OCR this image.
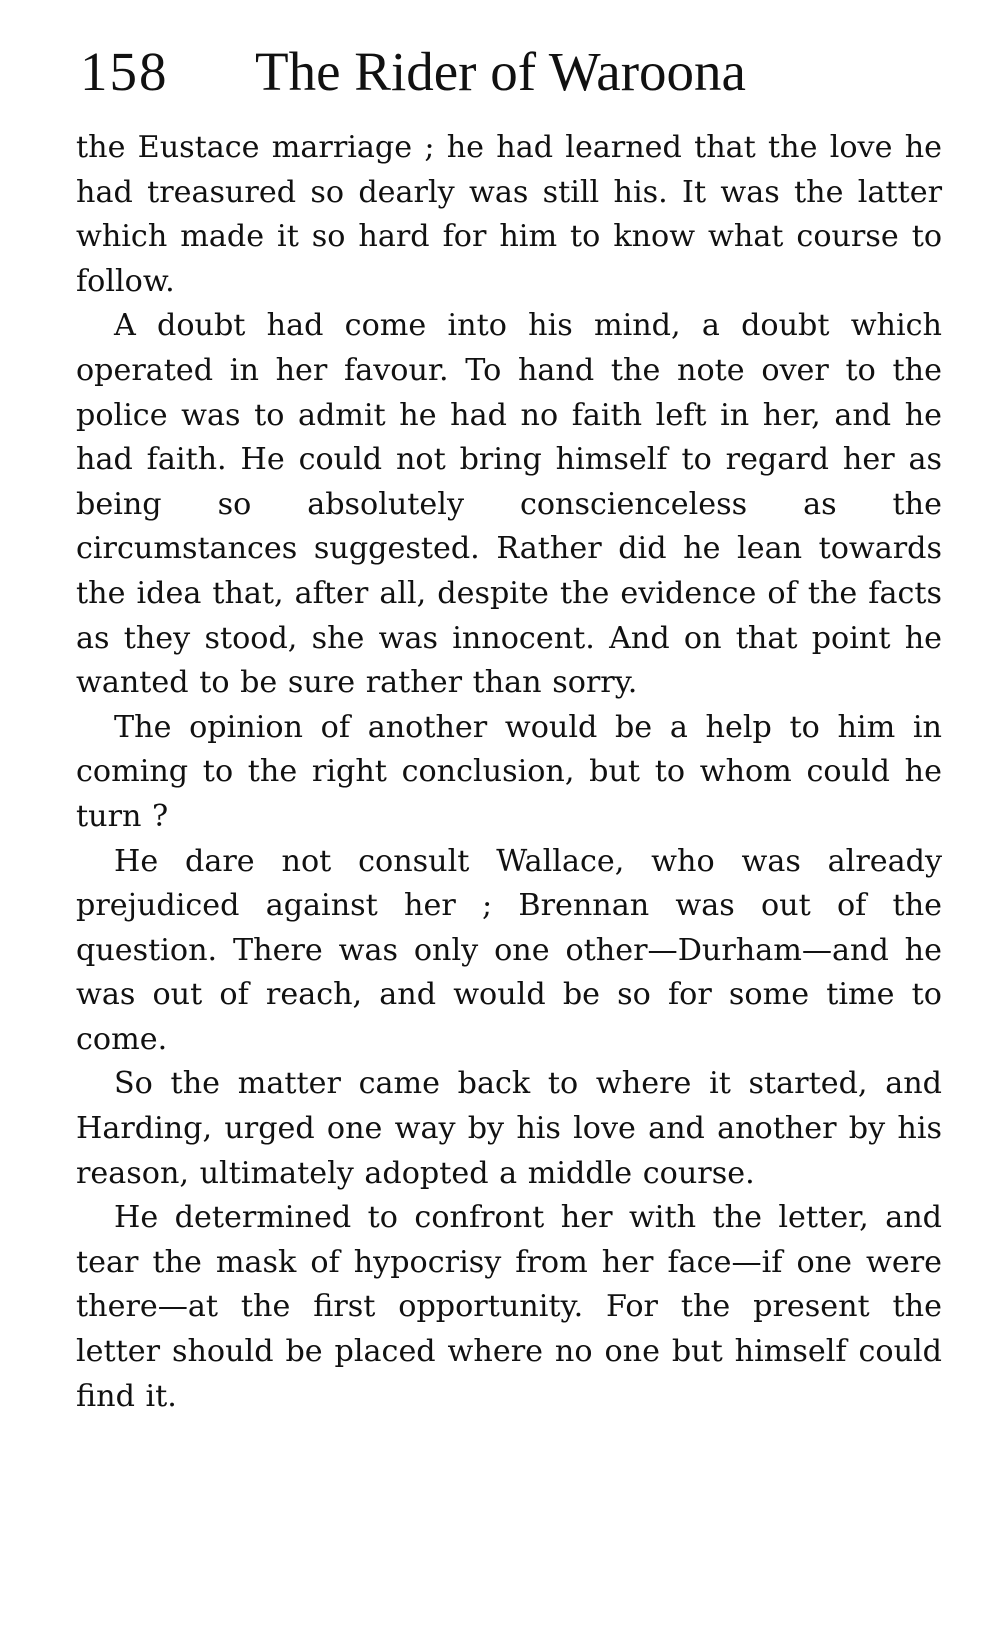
158 The Rider of Waroona

the Eustace marriage ; he had learned that the love he had treasured so dearly was still his. It was the latter which made it so hard for him to know what course to follow.

A doubt had come into his mind, a doubt which operated in her favour. To hand the note over to the police was to admit he had no faith left in her, and he had faith. He could not bring himself to regard her as being so absolutely conscienceless as the circumstances suggested. Rather did he lean towards the idea that, after all, despite the evidence of the facts as they stood, she was innocent. And on that point he wanted to be sure rather than sorry.

The opinion of another would be a help to him in coming to the right conclusion, but to whom could he turn ?

He dare not consult Wallace, who was already prejudiced against her ; Brennan was out of the question. There was only one other—Durham—and he was out of reach, and would be so for some time to come.

So the matter came back to where it started, and Harding, urged one way by his love and another by his reason, ultimately adopted a middle course.

He determined to confront her with the letter, and tear the mask of hypocrisy from her face—if one were there—at the first opportunity. For the present the letter should be placed where no one but himself could find it.
